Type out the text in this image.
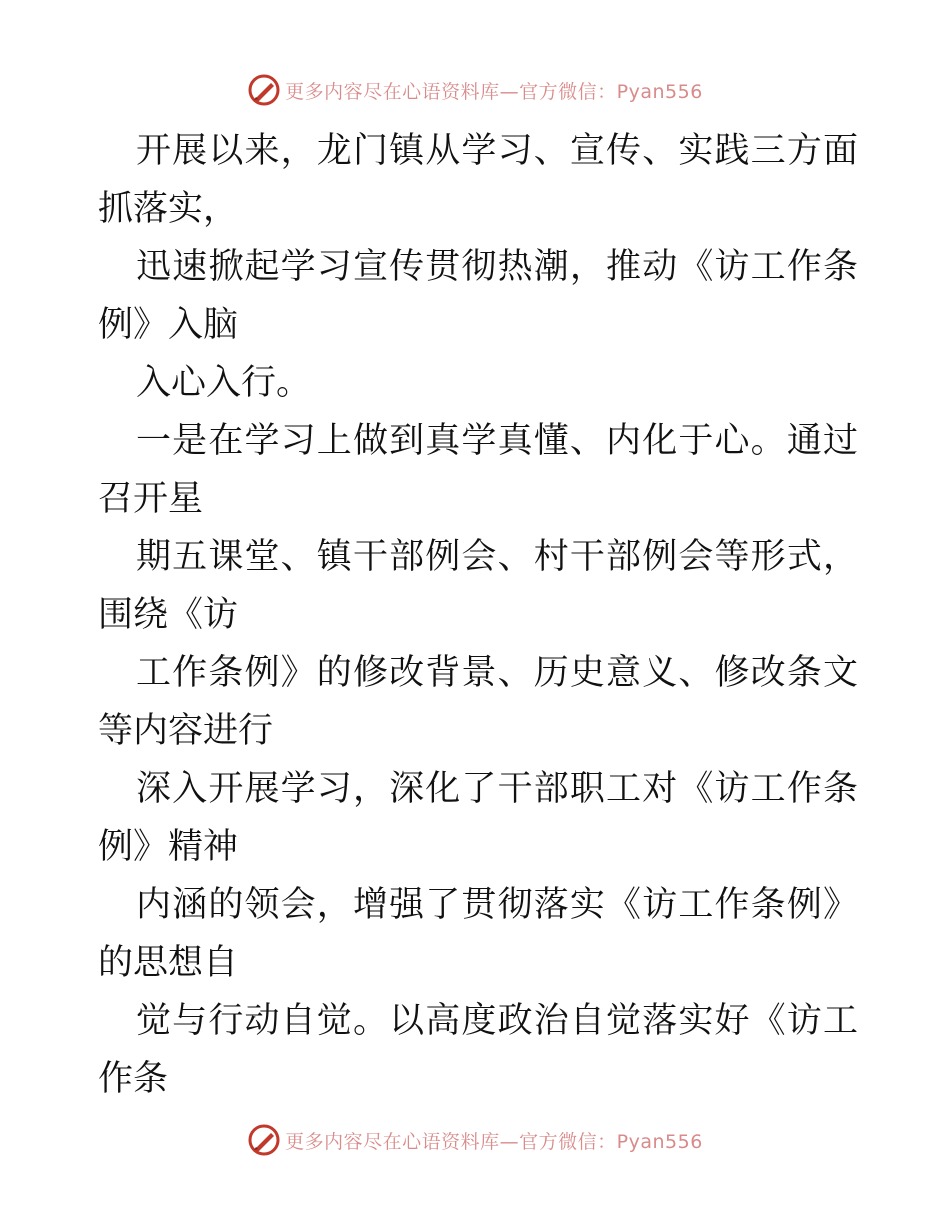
更多内容尽在心语资料库—官方微信：Pyan556

开展以来，龙门镇从学习、宣传、实践三方面抓落实，

迅速掀起学习宣传贯彻热潮，推动《访工作条例》入脑

入心入行。

一是在学习上做到真学真懂、内化于心。通过召开星

期五课堂、镇干部例会、村干部例会等形式，围绕《访

工作条例》的修改背景、历史意义、修改条文等内容进行

深入开展学习，深化了干部职工对《访工作条例》精神

内涵的领会，增强了贯彻落实《访工作条例》的思想自

觉与行动自觉。以高度政治自觉落实好《访工作条

更多内容尽在心语资料库—官方微信：Pyan556
